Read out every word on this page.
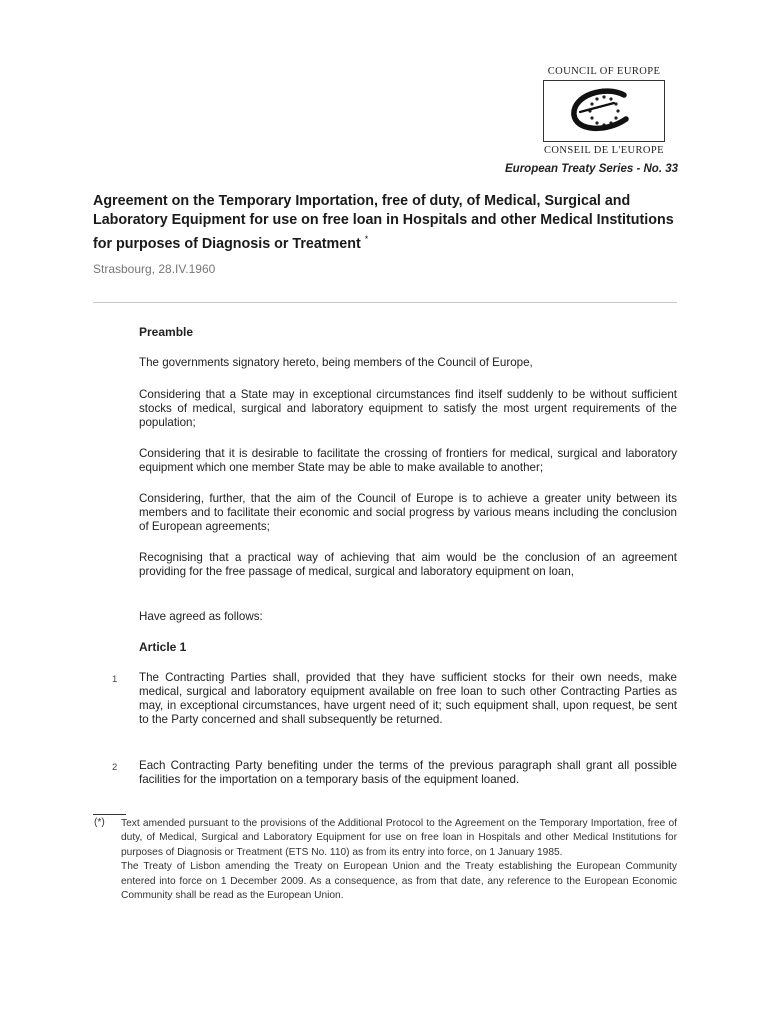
COUNCIL OF EUROPE
CONSEIL DE L'EUROPE
European Treaty Series - No. 33
Agreement on the Temporary Importation, free of duty, of Medical, Surgical and Laboratory Equipment for use on free loan in Hospitals and other Medical Institutions for purposes of Diagnosis or Treatment *
Strasbourg, 28.IV.1960
Preamble
The governments signatory hereto, being members of the Council of Europe,
Considering that a State may in exceptional circumstances find itself suddenly to be without sufficient stocks of medical, surgical and laboratory equipment to satisfy the most urgent requirements of the population;
Considering that it is desirable to facilitate the crossing of frontiers for medical, surgical and laboratory equipment which one member State may be able to make available to another;
Considering, further, that the aim of the Council of Europe is to achieve a greater unity between its members and to facilitate their economic and social progress by various means including the conclusion of European agreements;
Recognising that a practical way of achieving that aim would be the conclusion of an agreement providing for the free passage of medical, surgical and laboratory equipment on loan,
Have agreed as follows:
Article 1
1 The Contracting Parties shall, provided that they have sufficient stocks for their own needs, make medical, surgical and laboratory equipment available on free loan to such other Contracting Parties as may, in exceptional circumstances, have urgent need of it; such equipment shall, upon request, be sent to the Party concerned and shall subsequently be returned.
2 Each Contracting Party benefiting under the terms of the previous paragraph shall grant all possible facilities for the importation on a temporary basis of the equipment loaned.
(*) Text amended pursuant to the provisions of the Additional Protocol to the Agreement on the Temporary Importation, free of duty, of Medical, Surgical and Laboratory Equipment for use on free loan in Hospitals and other Medical Institutions for purposes of Diagnosis or Treatment (ETS No. 110) as from its entry into force, on 1 January 1985.
The Treaty of Lisbon amending the Treaty on European Union and the Treaty establishing the European Community entered into force on 1 December 2009. As a consequence, as from that date, any reference to the European Economic Community shall be read as the European Union.
